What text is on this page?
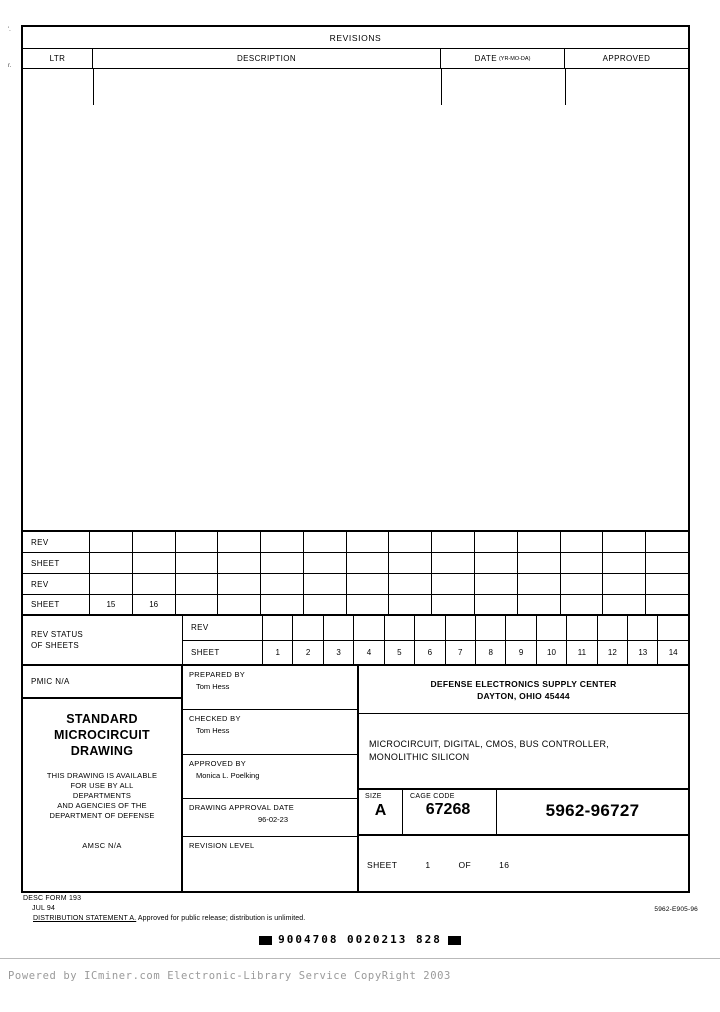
'.
r.
REVISIONS
LTR	DESCRIPTION	DATE (YR-MO-DA)	APPROVED
REV
SHEET
REV
SHEET	15	16
REV STATUS
OF SHEETS
REV
SHEET	1	2	3	4	5	6	7	8	9	10	11	12	13	14
PMIC N/A
STANDARD
MICROCIRCUIT
DRAWING
THIS DRAWING IS AVAILABLE
FOR USE BY ALL
DEPARTMENTS
AND AGENCIES OF THE
DEPARTMENT OF DEFENSE
AMSC N/A
PREPARED BY
Tom Hess
CHECKED BY
Tom Hess
APPROVED BY
Monica L. Poelking
DRAWING APPROVAL DATE
96-02-23
REVISION LEVEL
DEFENSE ELECTRONICS SUPPLY CENTER
DAYTON, OHIO 45444
MICROCIRCUIT, DIGITAL, CMOS, BUS CONTROLLER,
MONOLITHIC SILICON
SIZE
A
CAGE CODE
67268	5962-96727
SHEET	1	OF	16
DESC FORM 193
JUL 94
DISTRIBUTION STATEMENT A. Approved for public release; distribution is unlimited.
5962-E905-96
9004708 0020213 828
Powered by ICminer.com Electronic-Library Service CopyRight 2003
